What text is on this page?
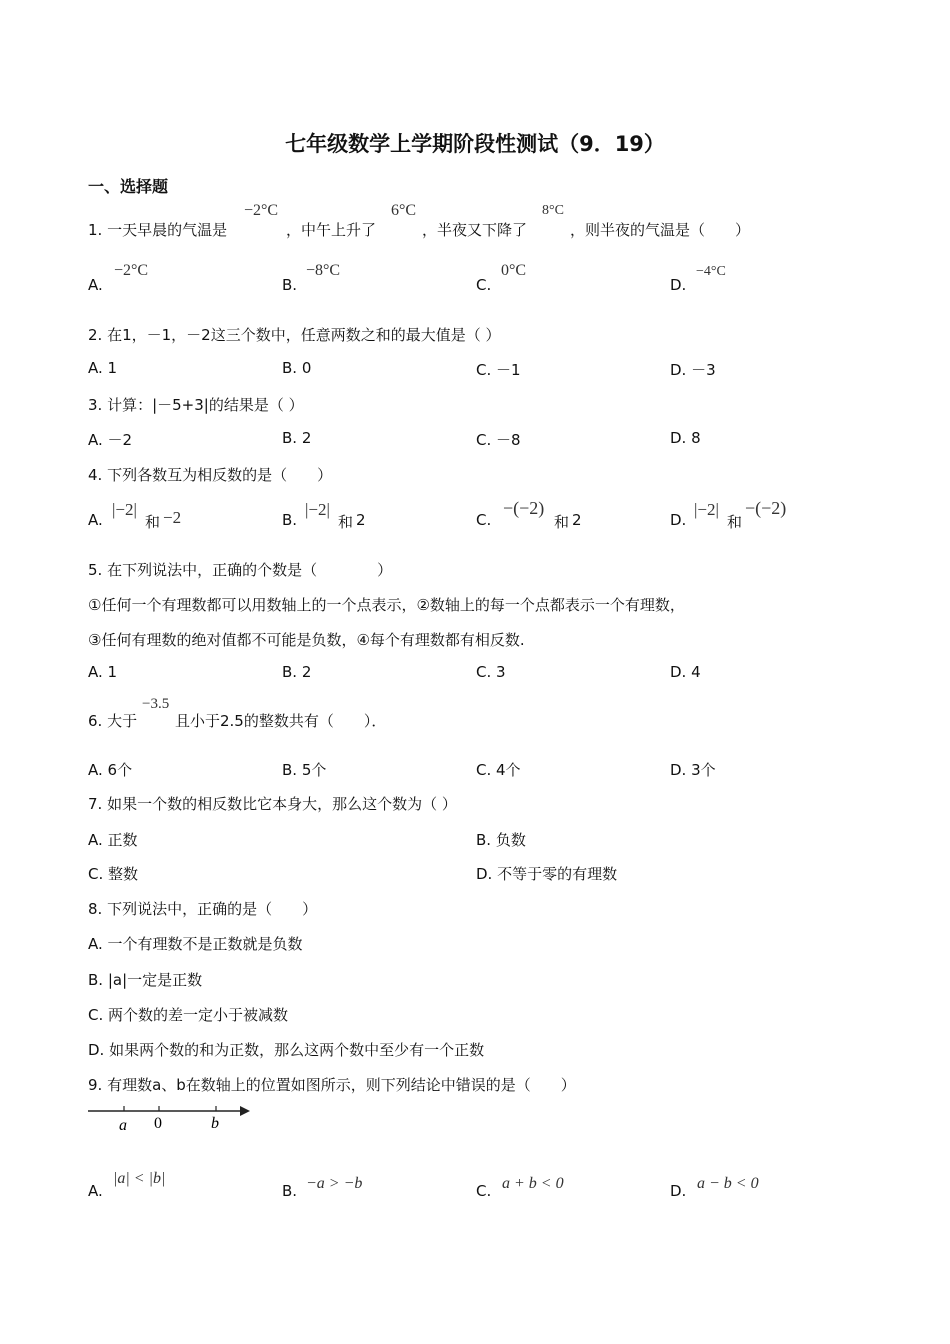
七年级数学上学期阶段性测试（9．19）
一、选择题
1. 一天早晨的气温是
−2°C
，中午上升了
6°C
，半夜又下降了
8°C
，则半夜的气温是（　　）
A.
−2°C
B.
−8°C
C.
0°C
D.
−4°C
2. 在1，－1，－2这三个数中，任意两数之和的最大值是（ ）
A. 1	B. 0	C. －1	D. －3
3. 计算：|－5+3|的结果是（ ）
A. －2	B. 2	C. －8	D. 8
4. 下列各数互为相反数的是（　　）
A.
|−2|
和 −2	B.
|−2|
和 2	C.
−(−2)
和 2	D.
|−2|
和
−(−2)
5. 在下列说法中，正确的个数是（　　　　）
①任何一个有理数都可以用数轴上的一个点表示，②数轴上的每一个点都表示一个有理数，
③任何有理数的绝对值都不可能是负数，④每个有理数都有相反数.
A. 1	B. 2	C. 3	D. 4
6. 大于
−3.5
且小于2.5的整数共有（　　）．
A. 6个	B. 5个	C. 4个	D. 3个
7. 如果一个数的相反数比它本身大，那么这个数为（ ）
A. 正数	B. 负数
C. 整数	D. 不等于零的有理数
8. 下列说法中，正确的是（　　）
A. 一个有理数不是正数就是负数
B. |a|一定是正数
C. 两个数的差一定小于被减数
D. 如果两个数的和为正数，那么这两个数中至少有一个正数
9. 有理数a、b在数轴上的位置如图所示，则下列结论中错误的是（　　）
a 0	b
A.
|a| < |b|
B. −a > −b	C. a + b < 0	D. a − b < 0
